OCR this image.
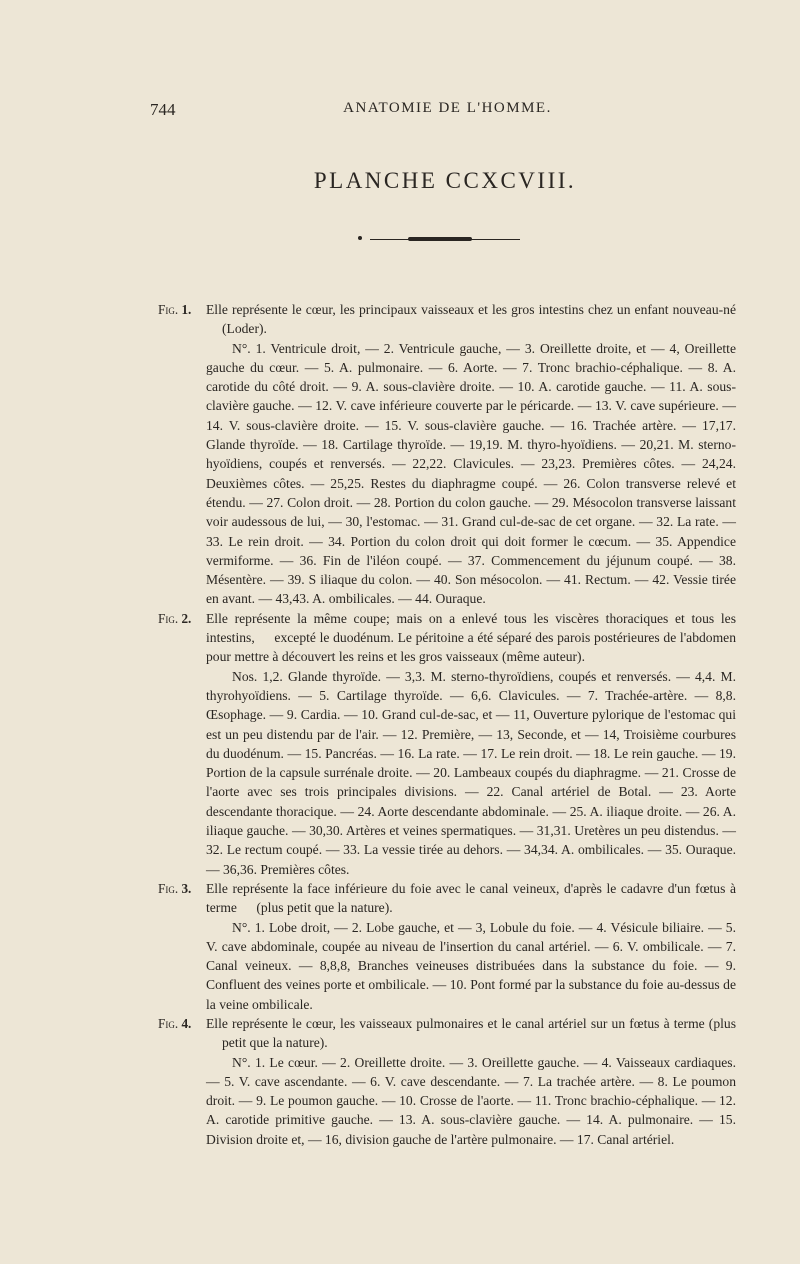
744	ANATOMIE DE L'HOMME.
PLANCHE CCXCVIII.
Fig. 1.	Elle représente le cœur, les principaux vaisseaux et les gros intestins chez un enfant nouveau-né (Loder).

N°. 1. Ventricule droit, — 2. Ventricule gauche, — 3. Oreillette droite, et — 4, Oreillette gauche du cœur. — 5. A. pulmonaire. — 6. Aorte. — 7. Tronc brachio-céphalique. — 8. A. carotide du côté droit. — 9. A. sous-clavière droite. — 10. A. carotide gauche. — 11. A. sous-clavière gauche. — 12. V. cave inférieure couverte par le péricarde. — 13. V. cave supérieure. — 14. V. sous-clavière droite. — 15. V. sous-clavière gauche. — 16. Trachée artère. — 17,17. Glande thyroïde. — 18. Cartilage thyroïde. — 19,19. M. thyro-hyoïdiens. — 20,21. M. sterno-hyoïdiens, coupés et renversés. — 22,22. Clavicules. — 23,23. Premières côtes. — 24,24. Deuxièmes côtes. — 25,25. Restes du diaphragme coupé. — 26. Colon transverse relevé et étendu. — 27. Colon droit. — 28. Portion du colon gauche. — 29. Mésocolon transverse laissant voir audessous de lui, — 30, l'estomac. — 31. Grand cul-de-sac de cet organe. — 32. La rate. — 33. Le rein droit. — 34. Portion du colon droit qui doit former le cœcum. — 35. Appendice vermiforme. — 36. Fin de l'iléon coupé. — 37. Commencement du jéjunum coupé. — 38. Mésentère. — 39. S iliaque du colon. — 40. Son mésocolon. — 41. Rectum. — 42. Vessie tirée en avant. — 43,43. A. ombilicales. — 44. Ouraque.

Fig. 2.	Elle représente la même coupe; mais on a enlevé tous les viscères thoraciques et tous les intestins, excepté le duodénum. Le péritoine a été séparé des parois postérieures de l'abdomen pour mettre à découvert les reins et les gros vaisseaux (même auteur).

Nos. 1,2. Glande thyroïde. — 3,3. M. sterno-thyroïdiens, coupés et renversés. — 4,4. M. thyrohyoïdiens. — 5. Cartilage thyroïde. — 6,6. Clavicules. — 7. Trachée-artère. — 8,8. Œsophage. — 9. Cardia. — 10. Grand cul-de-sac, et — 11, Ouverture pylorique de l'estomac qui est un peu distendu par de l'air. — 12. Première, — 13, Seconde, et — 14, Troisième courbures du duodénum. — 15. Pancréas. — 16. La rate. — 17. Le rein droit. — 18. Le rein gauche. — 19. Portion de la capsule surrénale droite. — 20. Lambeaux coupés du diaphragme. — 21. Crosse de l'aorte avec ses trois principales divisions. — 22. Canal artériel de Botal. — 23. Aorte descendante thoracique. — 24. Aorte descendante abdominale. — 25. A. iliaque droite. — 26. A. iliaque gauche. — 30,30. Artères et veines spermatiques. — 31,31. Uretères un peu distendus. — 32. Le rectum coupé. — 33. La vessie tirée au dehors. — 34,34. A. ombilicales. — 35. Ouraque. — 36,36. Premières côtes.

Fig. 3.	Elle représente la face inférieure du foie avec le canal veineux, d'après le cadavre d'un fœtus à terme (plus petit que la nature).

N°. 1. Lobe droit, — 2. Lobe gauche, et — 3, Lobule du foie. — 4. Vésicule biliaire. — 5. V. cave abdominale, coupée au niveau de l'insertion du canal artériel. — 6. V. ombilicale. — 7. Canal veineux. — 8,8,8, Branches veineuses distribuées dans la substance du foie. — 9. Confluent des veines porte et ombilicale. — 10. Pont formé par la substance du foie au-dessus de la veine ombilicale.

Fig. 4.	Elle représente le cœur, les vaisseaux pulmonaires et le canal artériel sur un fœtus à terme (plus petit que la nature).

N°. 1. Le cœur. — 2. Oreillette droite. — 3. Oreillette gauche. — 4. Vaisseaux cardiaques. — 5. V. cave ascendante. — 6. V. cave descendante. — 7. La trachée artère. — 8. Le poumon droit. — 9. Le poumon gauche. — 10. Crosse de l'aorte. — 11. Tronc brachio-céphalique. — 12. A. carotide primitive gauche. — 13. A. sous-clavière gauche. — 14. A. pulmonaire. — 15. Division droite et, — 16, division gauche de l'artère pulmonaire. — 17. Canal artériel.
